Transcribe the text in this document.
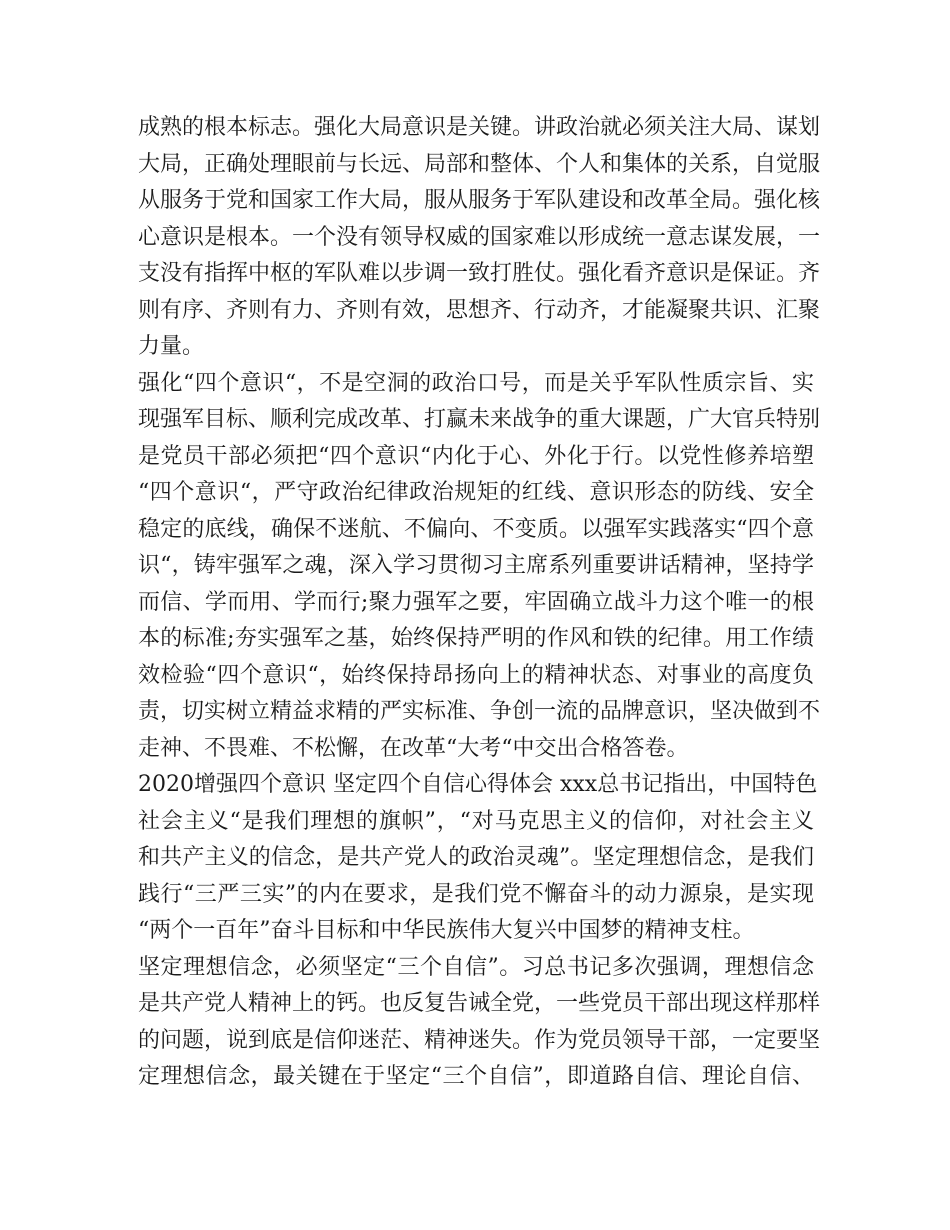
成熟的根本标志。强化大局意识是关键。讲政治就必须关注大局、谋划
大局，正确处理眼前与长远、局部和整体、个人和集体的关系，自觉服
从服务于党和国家工作大局，服从服务于军队建设和改革全局。强化核
心意识是根本。一个没有领导权威的国家难以形成统一意志谋发展，一
支没有指挥中枢的军队难以步调一致打胜仗。强化看齐意识是保证。齐
则有序、齐则有力、齐则有效，思想齐、行动齐，才能凝聚共识、汇聚
力量。

强化“四个意识“，不是空洞的政治口号，而是关乎军队性质宗旨、实
现强军目标、顺利完成改革、打赢未来战争的重大课题，广大官兵特别
是党员干部必须把“四个意识“内化于心、外化于行。以党性修养培塑
“四个意识“，严守政治纪律政治规矩的红线、意识形态的防线、安全
稳定的底线，确保不迷航、不偏向、不变质。以强军实践落实“四个意
识“，铸牢强军之魂，深入学习贯彻习主席系列重要讲话精神，坚持学
而信、学而用、学而行;聚力强军之要，牢固确立战斗力这个唯一的根
本的标准;夯实强军之基，始终保持严明的作风和铁的纪律。用工作绩
效检验“四个意识“，始终保持昂扬向上的精神状态、对事业的高度负
责，切实树立精益求精的严实标准、争创一流的品牌意识，坚决做到不
走神、不畏难、不松懈，在改革“大考“中交出合格答卷。

2020增强四个意识 坚定四个自信心得体会 xxx总书记指出，中国特色
社会主义“是我们理想的旗帜”，“对马克思主义的信仰，对社会主义
和共产主义的信念，是共产党人的政治灵魂”。坚定理想信念，是我们
践行“三严三实”的内在要求，是我们党不懈奋斗的动力源泉，是实现
“两个一百年”奋斗目标和中华民族伟大复兴中国梦的精神支柱。

坚定理想信念，必须坚定“三个自信”。习总书记多次强调，理想信念
是共产党人精神上的钙。也反复告诫全党，一些党员干部出现这样那样
的问题，说到底是信仰迷茫、精神迷失。作为党员领导干部，一定要坚
定理想信念，最关键在于坚定“三个自信”，即道路自信、理论自信、
